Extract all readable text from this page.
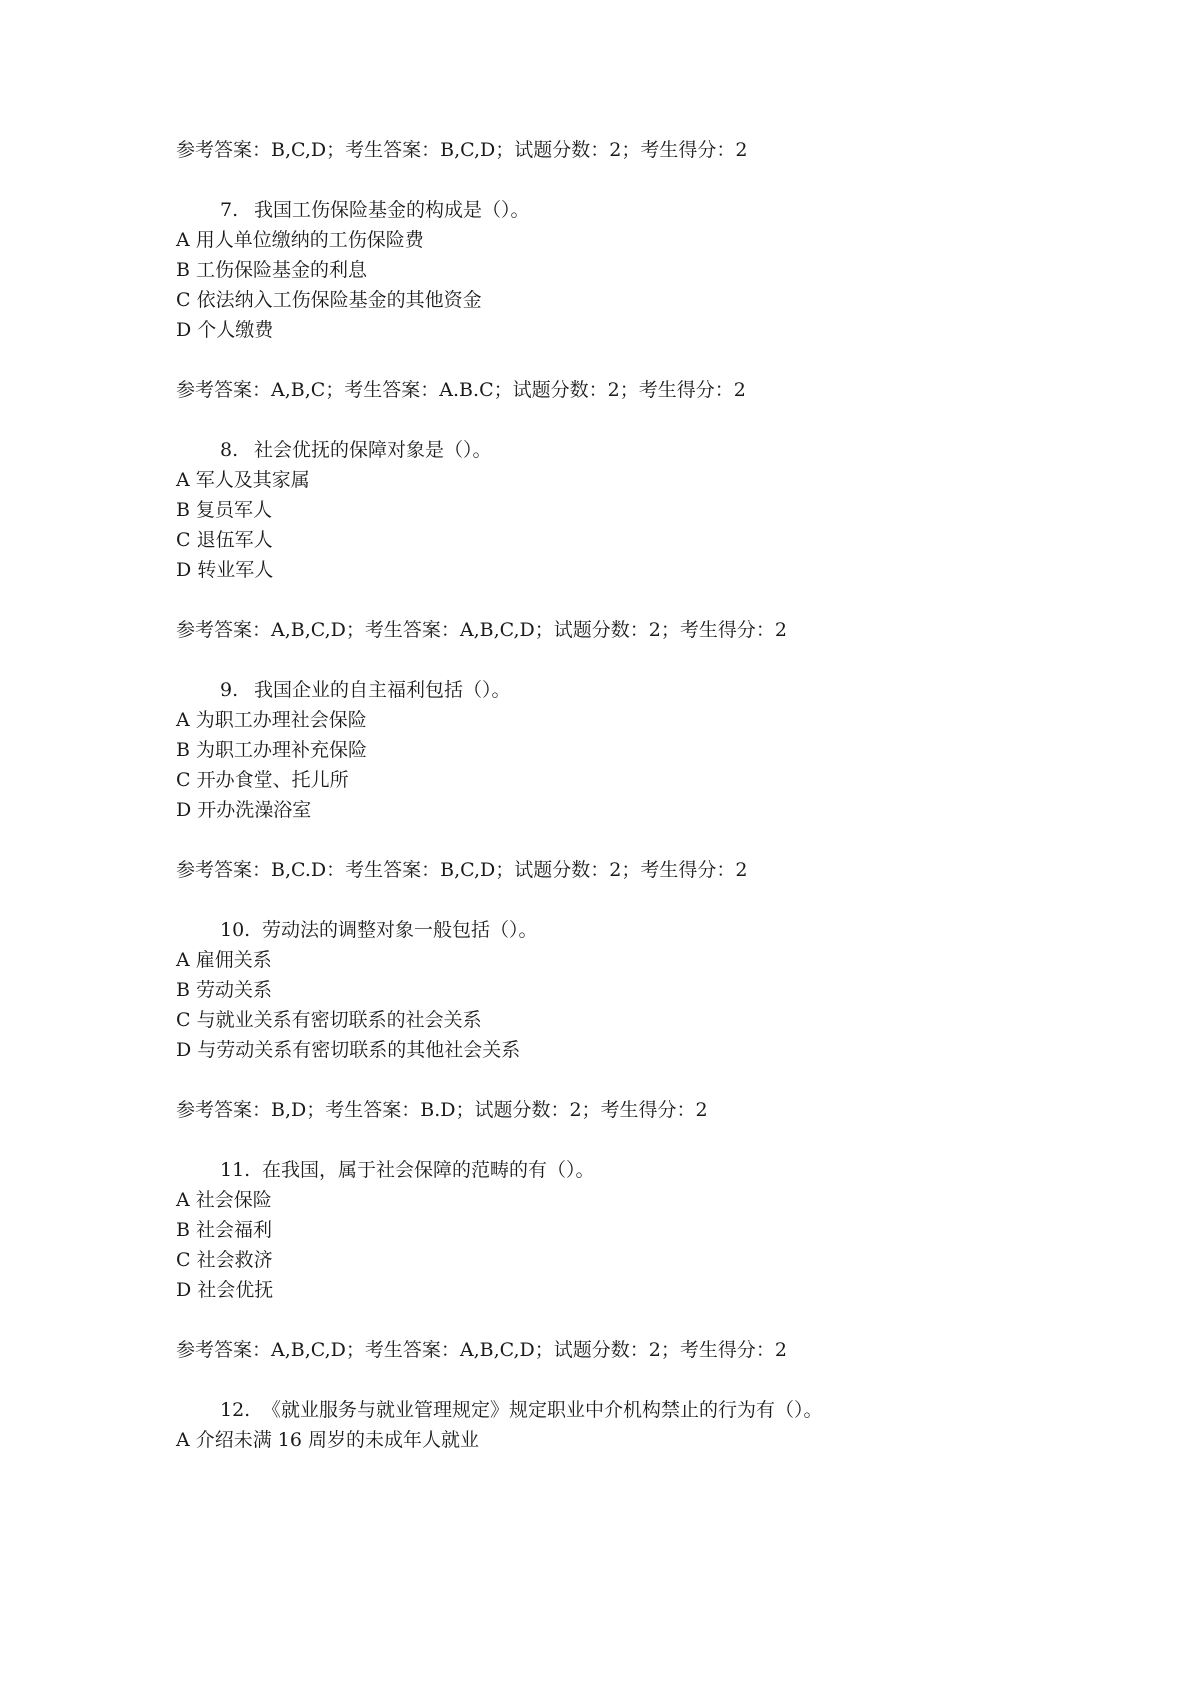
参考答案：B,C,D；考生答案：B,C,D；试题分数：2；考生得分：2
7. 我国工伤保险基金的构成是（）。
A 用人单位缴纳的工伤保险费
B 工伤保险基金的利息
C 依法纳入工伤保险基金的其他资金
D 个人缴费
参考答案：A,B,C；考生答案：A.B.C；试题分数：2；考生得分：2
8. 社会优抚的保障对象是（）。
A 军人及其家属
B 复员军人
C 退伍军人
D 转业军人
参考答案：A,B,C,D；考生答案：A,B,C,D；试题分数：2；考生得分：2
9. 我国企业的自主福利包括（）。
A 为职工办理社会保险
B 为职工办理补充保险
C 开办食堂、托儿所
D 开办洗澡浴室
参考答案：B,C.D：考生答案：B,C,D；试题分数：2；考生得分：2
10. 劳动法的调整对象一般包括（）。
A 雇佣关系
B 劳动关系
C 与就业关系有密切联系的社会关系
D 与劳动关系有密切联系的其他社会关系
参考答案：B,D；考生答案：B.D；试题分数：2；考生得分：2
11. 在我国，属于社会保障的范畴的有（）。
A 社会保险
B 社会福利
C 社会救济
D 社会优抚
参考答案：A,B,C,D；考生答案：A,B,C,D；试题分数：2；考生得分：2
12. 《就业服务与就业管理规定》规定职业中介机构禁止的行为有（）。
A 介绍未满 16 周岁的未成年人就业
